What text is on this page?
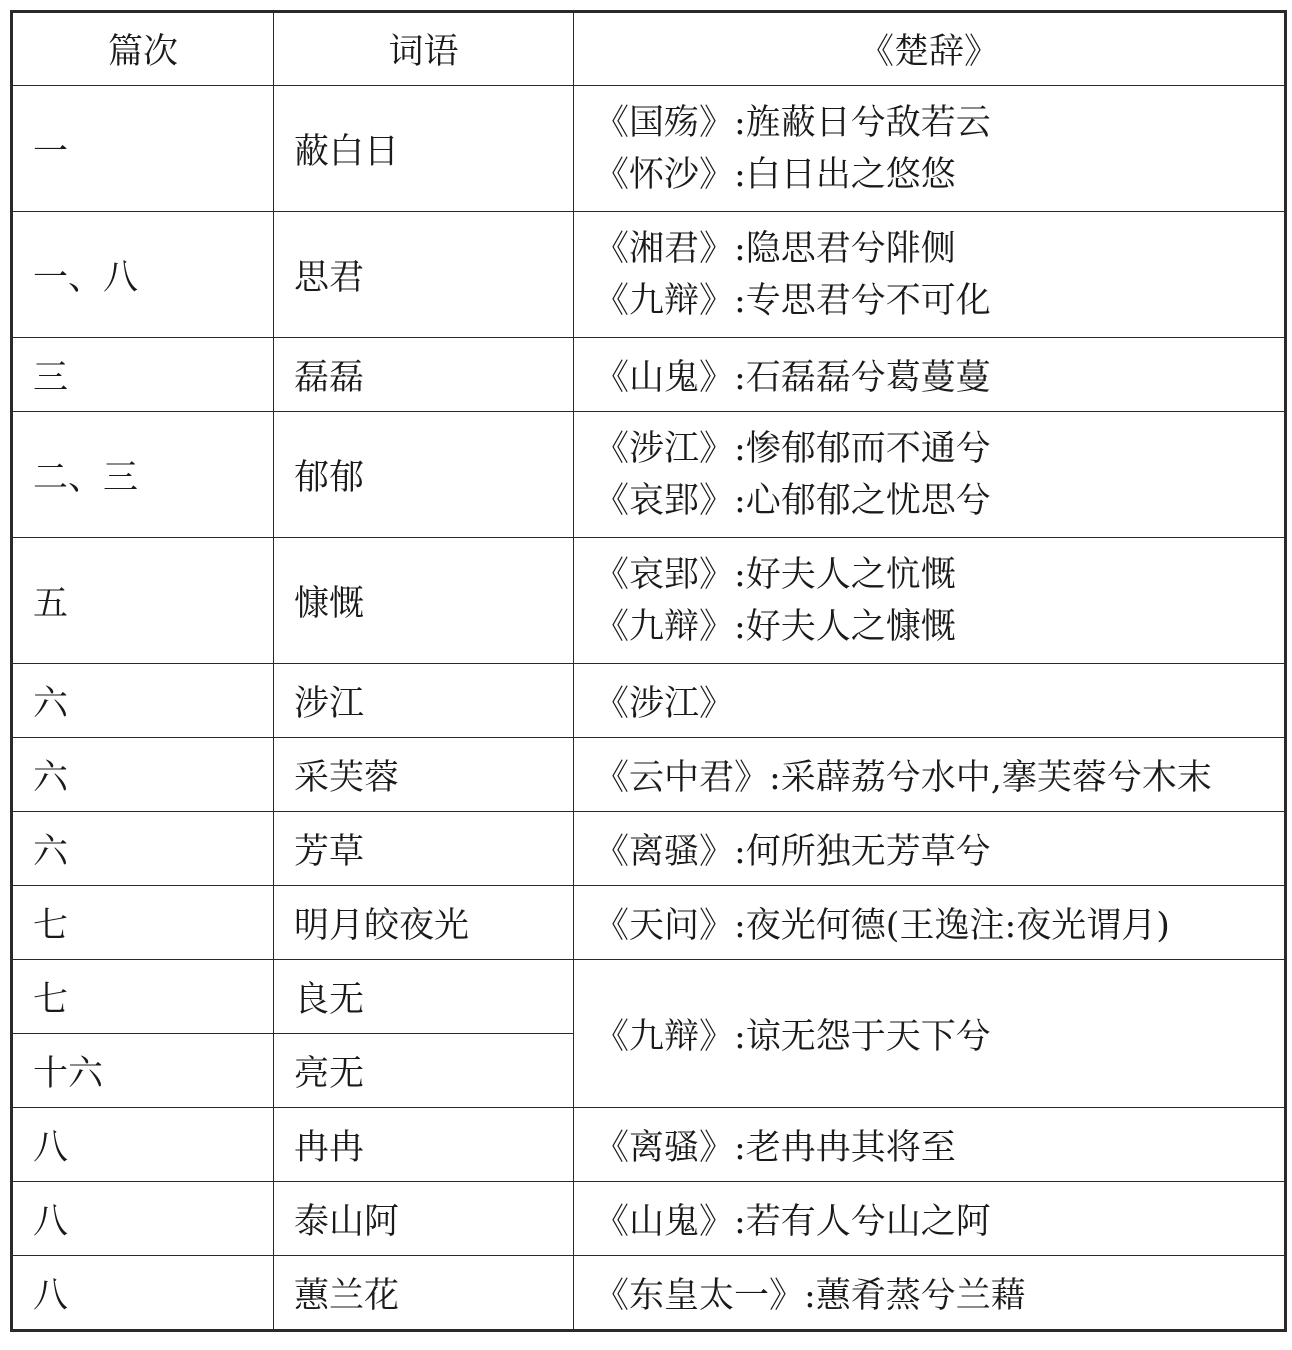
篇次	词语	《楚辞》
一	蔽白日	《国殇》:旌蔽日兮敌若云
《怀沙》:白日出之悠悠

一、八	思君	《湘君》:隐思君兮陫侧
《九辩》:专思君兮不可化

三	磊磊	《山鬼》:石磊磊兮葛蔓蔓
二、三	郁郁	《涉江》:惨郁郁而不通兮
《哀郢》:心郁郁之忧思兮

五	慷慨	《哀郢》:好夫人之忼慨
《九辩》:好夫人之慷慨

六	涉江	《涉江》
六	采芙蓉	《云中君》:采薜荔兮水中,搴芙蓉兮木末
六	芳草	《离骚》:何所独无芳草兮
七	明月皎夜光	《天问》:夜光何德(王逸注:夜光谓月)
七	良无	《九辩》:谅无怨于天下兮
十六	亮无	
八	冉冉	《离骚》:老冉冉其将至
八	泰山阿	《山鬼》:若有人兮山之阿
八	蕙兰花	《东皇太一》:蕙肴蒸兮兰藉
